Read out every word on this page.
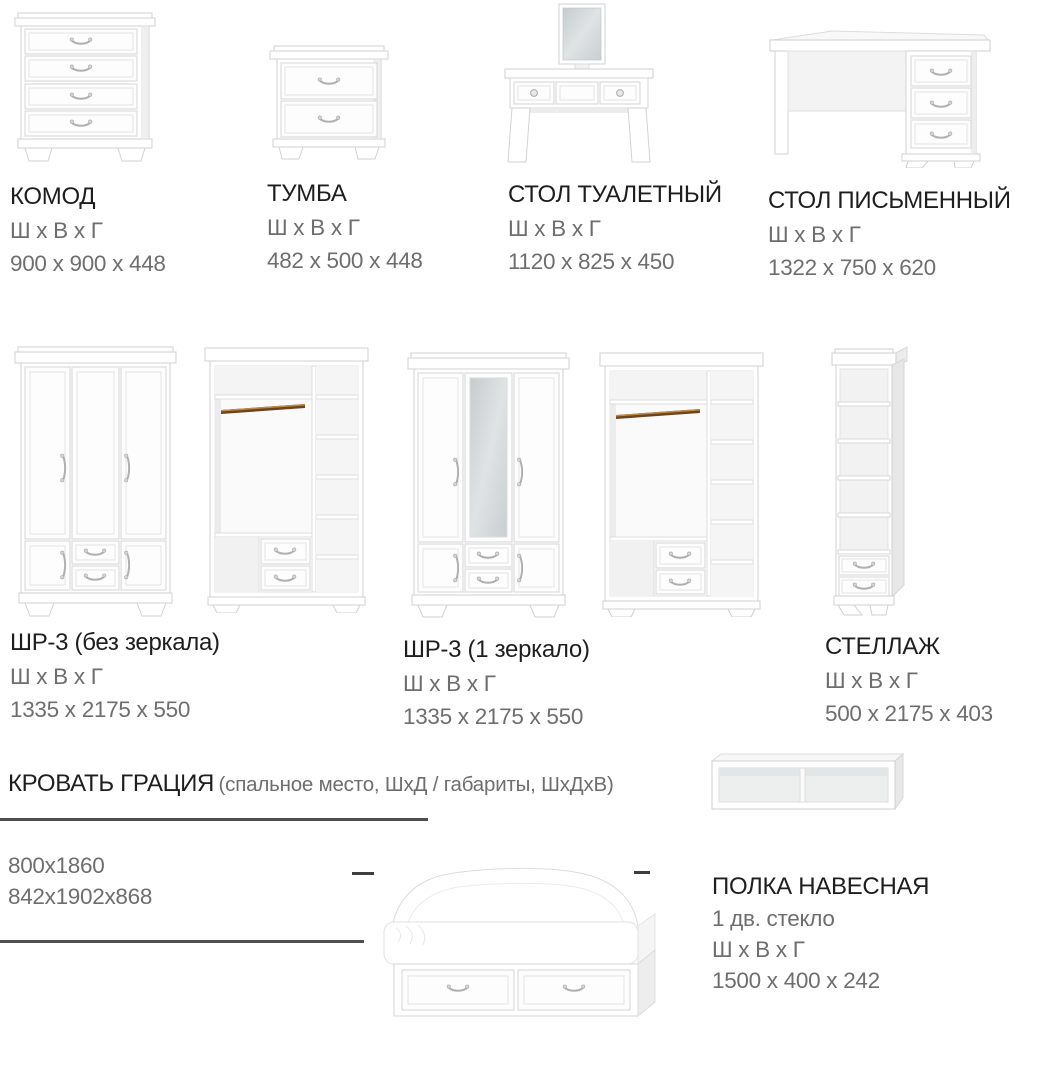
КОМОД
Ш х В х Г
900 х 900 х 448
ТУМБА
Ш х В х Г
482 х 500 х 448
СТОЛ ТУАЛЕТНЫЙ
Ш х В х Г
1120 х 825 х 450
СТОЛ ПИСЬМЕННЫЙ
Ш х В х Г
1322 х 750 х 620
ШР-3 (без зеркала)
Ш х В х Г
1335 х 2175 х 550
ШР-3 (1 зеркало)
Ш х В х Г
1335 х 2175 х 550
СТЕЛЛАЖ
Ш х В х Г
500 х 2175 х 403
КРОВАТЬ ГРАЦИЯ (спальное место, ШхД / габариты, ШхДхВ)
800х1860
842х1902х868	ПОЛКА НАВЕСНАЯ
1 дв. стекло
Ш х В х Г
1500 х 400 х 242
